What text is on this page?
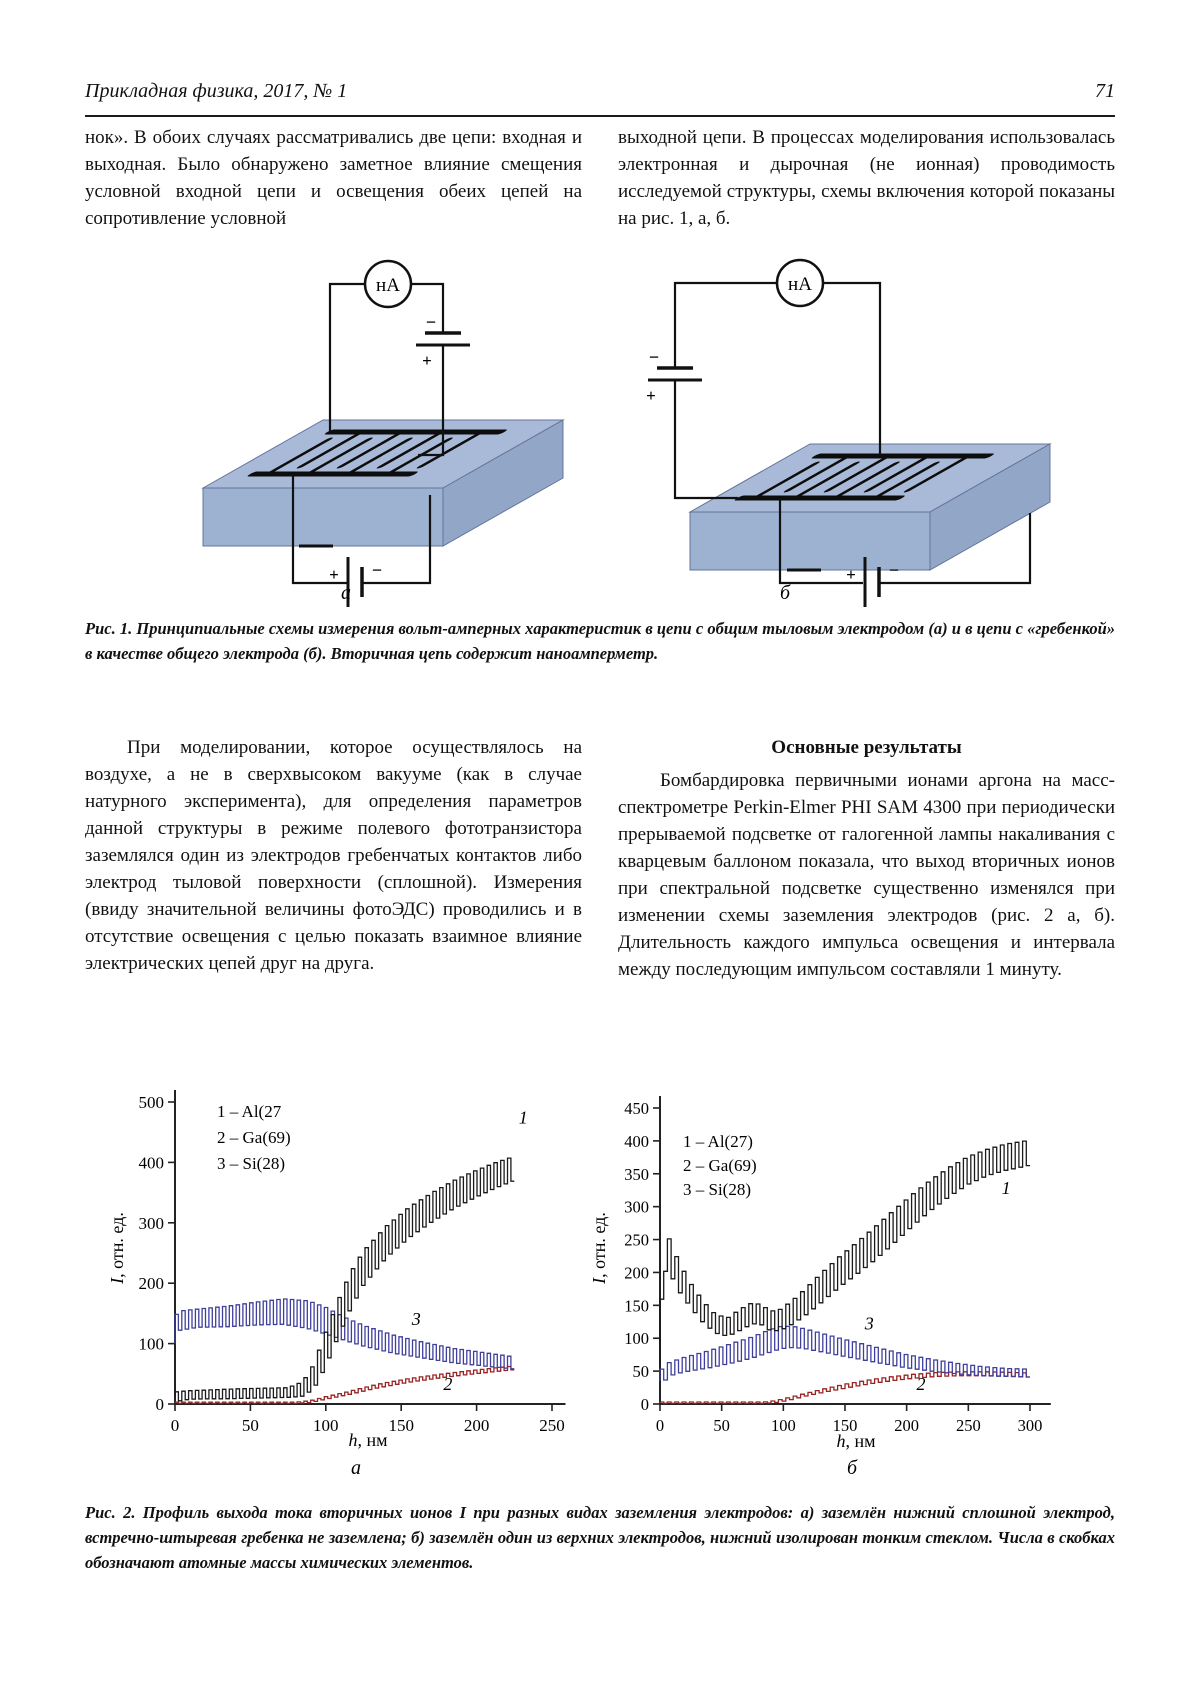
Прикладная физика, 2017, № 1	71
нок». В обоих случаях рассматривались две цепи: входная и выходная. Было обнаружено заметное влияние смещения условной входной цепи и освещения обеих цепей на сопротивление условной
выходной цепи. В процессах моделирования использовалась электронная и дырочная (не ионная) проводимость исследуемой структуры, схемы включения которой показаны на рис. 1, а, б.
нА
−
+
+ −
а
нА
−
+
+ −
б
Рис. 1. Принципиальные схемы измерения вольт-амперных характеристик в цепи с общим тыловым электродом (а) и в цепи с «гребенкой» в качестве общего электрода (б). Вторичная цепь содержит наноамперметр.
При моделировании, которое осуществлялось на воздухе, а не в сверхвысоком вакууме (как в случае натурного эксперимента), для определения параметров данной структуры в режиме полевого фототранзистора заземлялся один из электродов гребенчатых контактов либо электрод тыловой поверхности (сплошной). Измерения (ввиду значительной величины фотоЭДС) проводились и в отсутствие освещения с целью показать взаимное влияние электрических цепей друг на друга.
Основные результаты
Бомбардировка первичными ионами аргона на масс-спектрометре Perkin-Elmer PHI SAM 4300 при периодически прерываемой подсветке от галогенной лампы накаливания с кварцевым баллоном показала, что выход вторичных ионов при спектральной подсветке существенно изменялся при изменении схемы заземления электродов (рис. 2 а, б). Длительность каждого импульса освещения и интервала между последующим импульсом составляли 1 минуту.
0
100
200
300
400
500
0	50	100	150	200	250
1 – Al(27
2 – Ga(69)
3 – Si(28)
1
3
2
I, отн. ед.
h, нм
а
0
50
100
150
200
250
300
350
400
450
0	50 100 150 200 250 300
1 – Al(27)
2 – Ga(69)
3 – Si(28)	1
3
2
I, отн. ед.
h, нм
б
Рис. 2. Профиль выхода тока вторичных ионов I при разных видах заземления электродов: а) заземлён нижний сплошной электрод, встречно-штыревая гребенка не заземлена; б) заземлён один из верхних электродов, нижний изолирован тонким стеклом. Числа в скобках обозначают атомные массы химических элементов.
